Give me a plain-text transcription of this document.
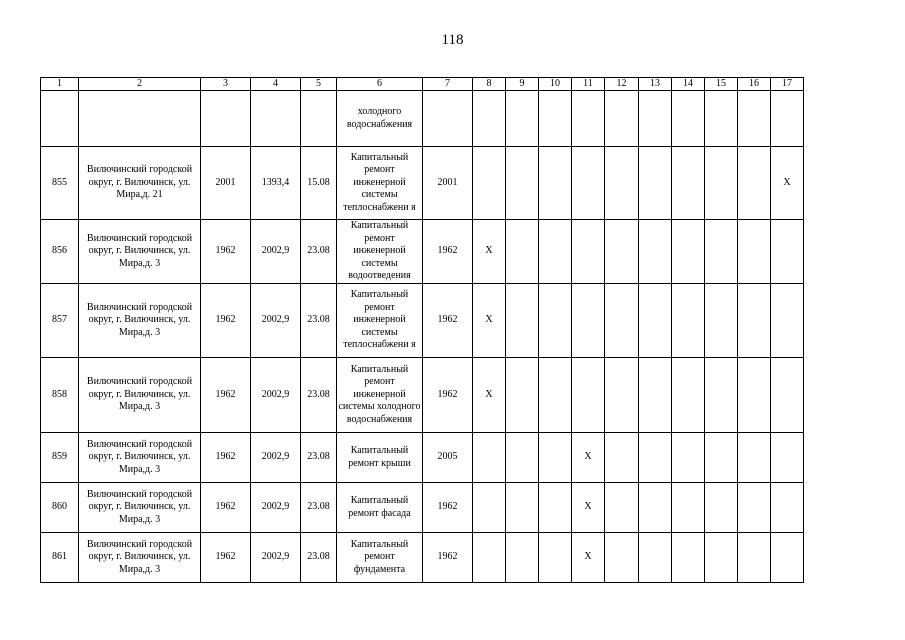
118
1	2	3	4	5	6	7	8	9	10	11	12	13	14	15	16	17
					холодного водоснабжения											
855	Вилючинский городской округ, г. Вилючинск, ул. Мира,д. 21	2001	1393,4	15.08	Капитальный ремонт инженерной системы теплоснабжени я	2001										X
856	Вилючинский городской округ, г. Вилючинск, ул. Мира,д. 3	1962	2002,9	23.08	Капитальный ремонт инженерной системы водоотведения	1962	X									
857	Вилючинский городской округ, г. Вилючинск, ул. Мира,д. 3	1962	2002,9	23.08	Капитальный ремонт инженерной системы теплоснабжени я	1962	X									
858	Вилючинский городской округ, г. Вилючинск, ул. Мира,д. 3	1962	2002,9	23.08	Капитальный ремонт инженерной системы холодного водоснабжения	1962	X									
859	Вилючинский городской округ, г. Вилючинск, ул. Мира,д. 3	1962	2002,9	23.08	Капитальный ремонт крыши	2005				X						
860	Вилючинский городской округ, г. Вилючинск, ул. Мира,д. 3	1962	2002,9	23.08	Капитальный ремонт фасада	1962				X						
861	Вилючинский городской округ, г. Вилючинск, ул. Мира,д. 3	1962	2002,9	23.08	Капитальный ремонт фундамента	1962				X						
